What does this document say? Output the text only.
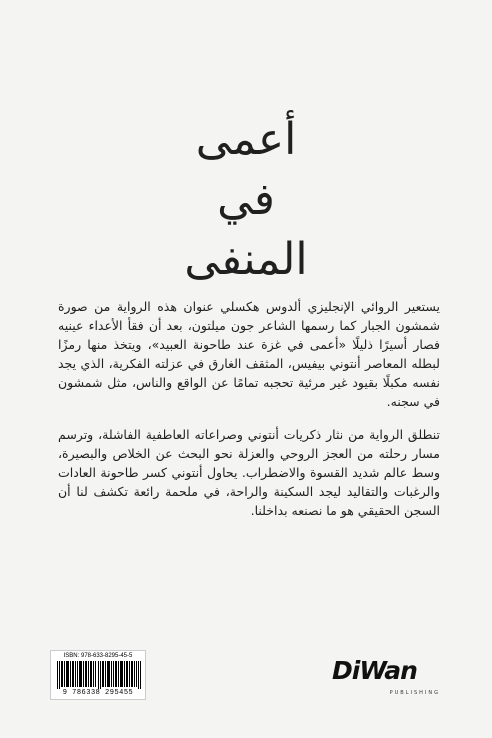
أعمى
في
المنفى
يستعير الروائي الإنجليزي ألدوس هكسلي عنوان هذه الرواية من صورة شمشون الجبار كما رسمها الشاعر جون ميلتون، بعد أن فقأ الأعداء عينيه فصار أسيرًا ذليلًا «أعمى في غزة عند طاحونة العبيد»، ويتخذ منها رمزًا لبطله المعاصر أنتوني بيفيس، المثقف الغارق في عزلته الفكرية، الذي يجد نفسه مكبلًا بقيود غير مرئية تحجبه تمامًا عن الواقع والناس، مثل شمشون في سجنه.
تنطلق الرواية من نثار ذكريات أنتوني وصراعاته العاطفية الفاشلة، وترسم مسار رحلته من العجز الروحي والعزلة نحو البحث عن الخلاص والبصيرة، وسط عالم شديد القسوة والاضطراب. يحاول أنتوني كسر طاحونة العادات والرغبات والتقاليد ليجد السكينة والراحة، في ملحمة رائعة تكشف لنا أن السجن الحقيقي هو ما نصنعه بداخلنا.
ISBN: 978-633-8295-45-5
9 786338 295455
DiWan
PUBLISHING
